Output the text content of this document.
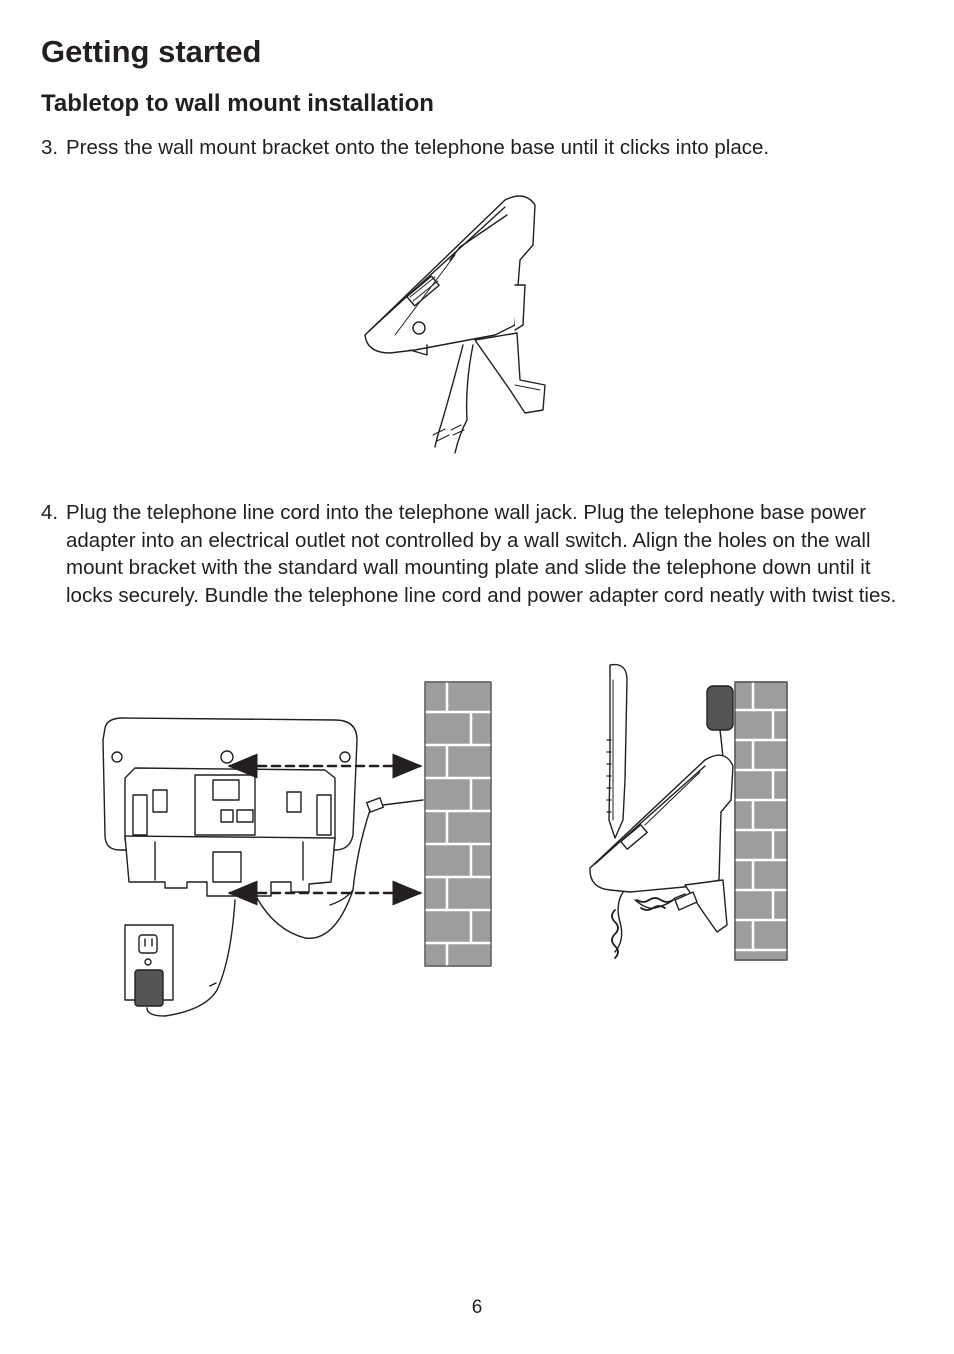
Getting started
Tabletop to wall mount installation

3. Press the wall mount bracket onto the telephone base until it clicks into place.

4. Plug the telephone line cord into the telephone wall jack. Plug the telephone base power adapter into an electrical outlet not controlled by a wall switch. Align the holes on the wall mount bracket with the standard wall mounting plate and slide the telephone down until it locks securely. Bundle the telephone line cord and power adapter cord neatly with twist ties.

6
